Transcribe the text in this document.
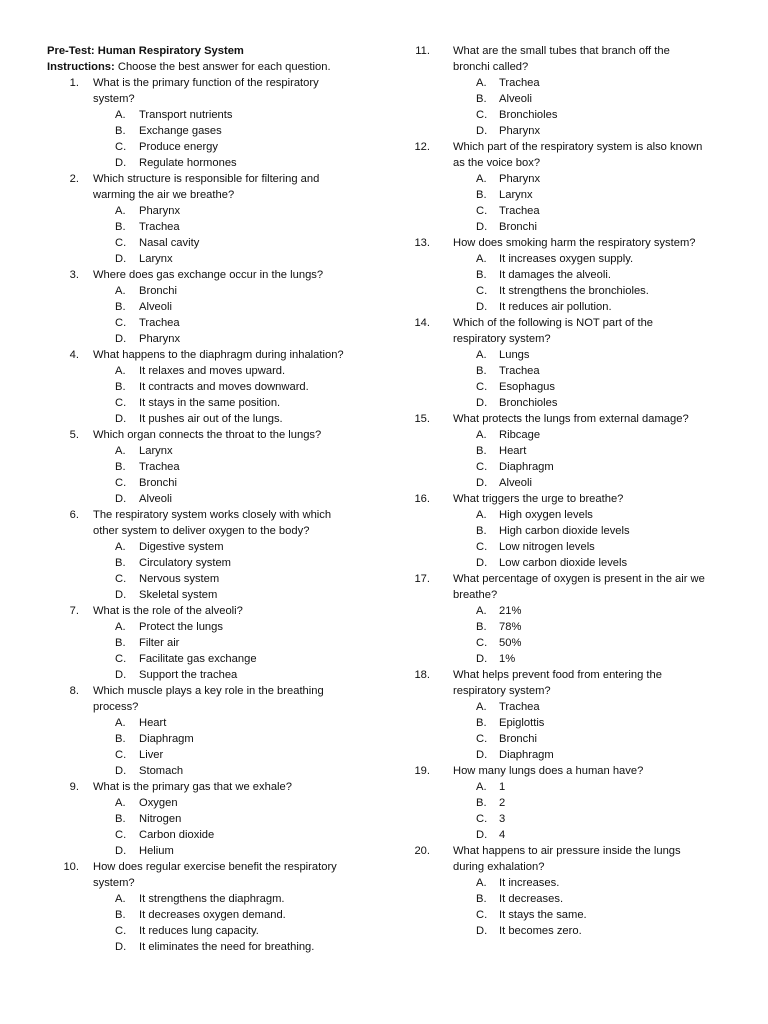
Pre-Test: Human Respiratory System
Instructions: Choose the best answer for each question.
1. What is the primary function of the respiratory
system?
A. Transport nutrients
B. Exchange gases
C. Produce energy
D. Regulate hormones
2. Which structure is responsible for filtering and
warming the air we breathe?
A. Pharynx
B. Trachea
C. Nasal cavity
D. Larynx
3. Where does gas exchange occur in the lungs?
A. Bronchi
B. Alveoli
C. Trachea
D. Pharynx
4. What happens to the diaphragm during inhalation?
A. It relaxes and moves upward.
B. It contracts and moves downward.
C. It stays in the same position.
D. It pushes air out of the lungs.
5. Which organ connects the throat to the lungs?
A. Larynx
B. Trachea
C. Bronchi
D. Alveoli
6. The respiratory system works closely with which
other system to deliver oxygen to the body?
A. Digestive system
B. Circulatory system
C. Nervous system
D. Skeletal system
7. What is the role of the alveoli?
A. Protect the lungs
B. Filter air
C. Facilitate gas exchange
D. Support the trachea
8. Which muscle plays a key role in the breathing
process?
A. Heart
B. Diaphragm
C. Liver
D. Stomach
9. What is the primary gas that we exhale?
A. Oxygen
B. Nitrogen
C. Carbon dioxide
D. Helium
10. How does regular exercise benefit the respiratory
system?
A. It strengthens the diaphragm.
B. It decreases oxygen demand.
C. It reduces lung capacity.
D. It eliminates the need for breathing.
11. What are the small tubes that branch off the
bronchi called?
A. Trachea
B. Alveoli
C. Bronchioles
D. Pharynx
12. Which part of the respiratory system is also known
as the voice box?
A. Pharynx
B. Larynx
C. Trachea
D. Bronchi
13. How does smoking harm the respiratory system?
A. It increases oxygen supply.
B. It damages the alveoli.
C. It strengthens the bronchioles.
D. It reduces air pollution.
14. Which of the following is NOT part of the
respiratory system?
A. Lungs
B. Trachea
C. Esophagus
D. Bronchioles
15. What protects the lungs from external damage?
A. Ribcage
B. Heart
C. Diaphragm
D. Alveoli
16. What triggers the urge to breathe?
A. High oxygen levels
B. High carbon dioxide levels
C. Low nitrogen levels
D. Low carbon dioxide levels
17. What percentage of oxygen is present in the air we
breathe?
A. 21%
B. 78%
C. 50%
D. 1%
18. What helps prevent food from entering the
respiratory system?
A. Trachea
B. Epiglottis
C. Bronchi
D. Diaphragm
19. How many lungs does a human have?
A. 1
B. 2
C. 3
D. 4
20. What happens to air pressure inside the lungs
during exhalation?
A. It increases.
B. It decreases.
C. It stays the same.
D. It becomes zero.
